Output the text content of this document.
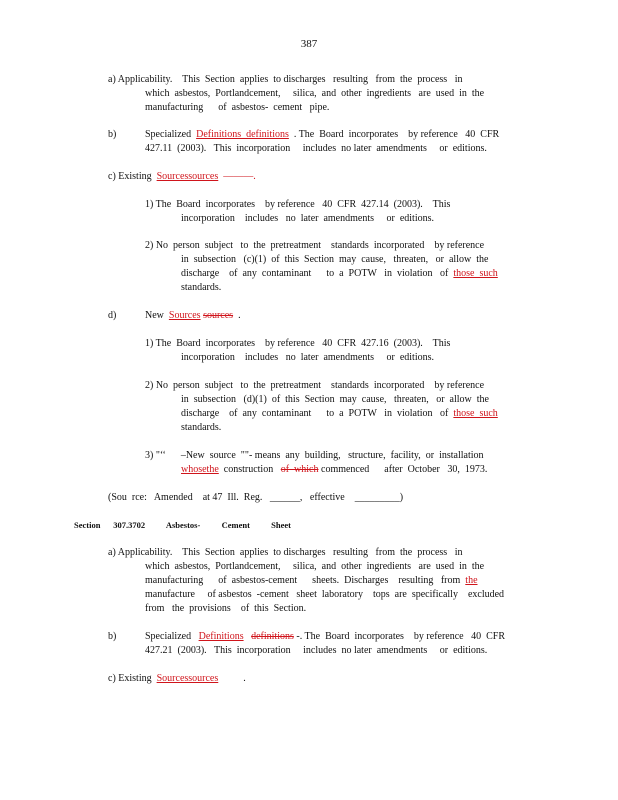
387
a) Applicability.    This  Section  applies  to discharges   resulting   from  the  process   in
which  asbestos,  Portlandcement,     silica,  and  other  ingredients   are  used  in  the
manufacturing      of  asbestos-  cement   pipe.
b)	Specialized  Definitions  definitions  . The  Board  incorporates    by reference   40  CFR
427.11  (2003).   This  incorporation     includes  no later  amendments     or  editions.
c) Existing  Sourcessources  ———.
1) The  Board  incorporates    by reference   40  CFR  427.14  (2003).    This
incorporation    includes   no  later  amendments     or  editions.
2) No  person  subject   to  the  pretreatment    standards  incorporated    by reference
in  subsection   (c)(1)  of  this  Section  may  cause,   threaten,   or  allow  the
discharge    of  any  contaminant      to  a  POTW   in  violation   of  those  such
standards.
d)	New  Sources sources  .
1) The  Board  incorporates    by reference   40  CFR  427.16  (2003).    This
incorporation    includes   no  later  amendments     or  editions.
2) No  person  subject   to  the  pretreatment    standards  incorporated    by reference
in  subsection   (d)(1)  of  this  Section  may  cause,   threaten,   or  allow  the
discharge    of  any  contaminant      to  a  POTW   in  violation   of  those  such
standards.
3) "‘‘      –New  source  ""- means  any  building,   structure,  facility,  or  installation
whosethe  construction   of  which commenced      after  October   30,  1973.
(Sou  rce:   Amended    at 47  Ill.  Reg.   ______,   effective    _________)
Section      307.3702          Asbestos-          Cement          Sheet
a) Applicability.    This  Section  applies  to discharges   resulting   from  the  process   in
which  asbestos,  Portlandcement,     silica,  and  other  ingredients   are  used  in  the
manufacturing      of  asbestos-cement      sheets.  Discharges    resulting   from  the
manufacture     of asbestos  -cement   sheet  laboratory    tops  are  specifically    excluded
from   the  provisions    of  this  Section.
b)	Specialized   Definitions definitions -. The  Board  incorporates    by reference   40  CFR
427.21  (2003).   This  incorporation     includes  no later  amendments     or  editions.
c) Existing  Sourcessources          .
